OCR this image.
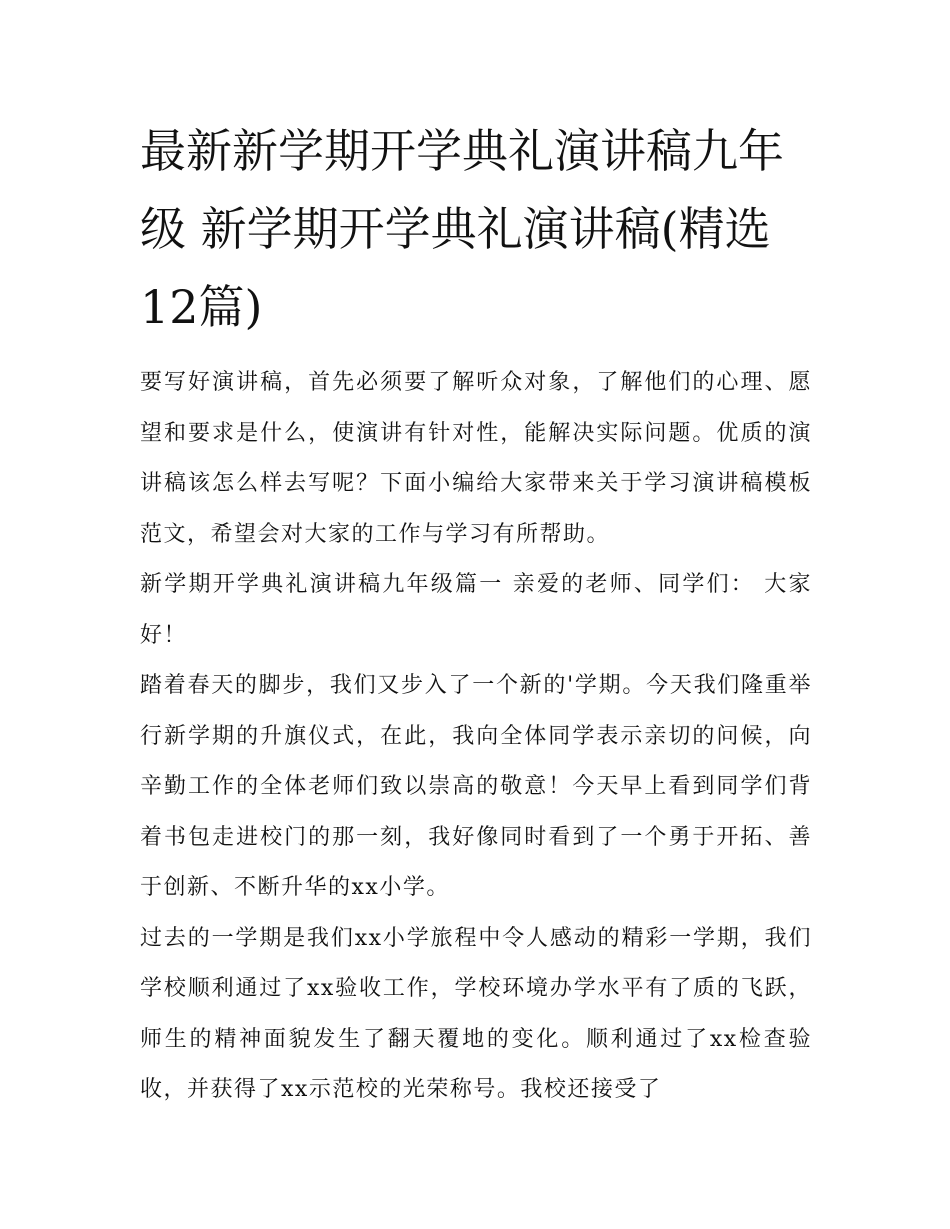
最新新学期开学典礼演讲稿九年级 新学期开学典礼演讲稿(精选12篇)

要写好演讲稿，首先必须要了解听众对象，了解他们的心理、愿望和要求是什么，使演讲有针对性，能解决实际问题。优质的演讲稿该怎么样去写呢？下面小编给大家带来关于学习演讲稿模板范文，希望会对大家的工作与学习有所帮助。

新学期开学典礼演讲稿九年级篇一 亲爱的老师、同学们： 大家好！

踏着春天的脚步，我们又步入了一个新的'学期。今天我们隆重举行新学期的升旗仪式，在此，我向全体同学表示亲切的问候，向辛勤工作的全体老师们致以崇高的敬意！今天早上看到同学们背着书包走进校门的那一刻，我好像同时看到了一个勇于开拓、善于创新、不断升华的xx小学。

过去的一学期是我们xx小学旅程中令人感动的精彩一学期，我们学校顺利通过了xx验收工作，学校环境办学水平有了质的飞跃，师生的精神面貌发生了翻天覆地的变化。顺利通过了xx检查验收，并获得了xx示范校的光荣称号。我校还接受了
